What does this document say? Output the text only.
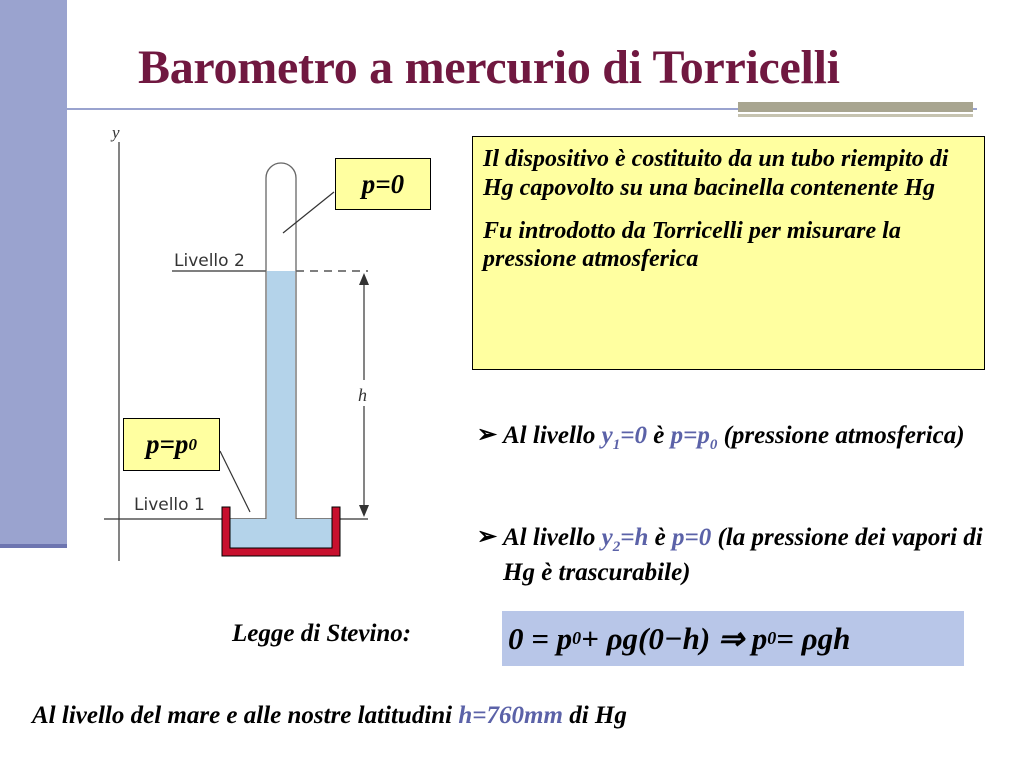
Barometro a mercurio di Torricelli
y
Livello 2
Livello 1
h
p =0
p =p 0

Il dispositivo è costituito da un tubo riempito di Hg capovolto su una bacinella contenente Hg

Fu introdotto da Torricelli per misurare la pressione atmosferica

➢ Al livello $y_1=0$ è $p=p_0$ (pressione atmosferica)
➢ Al livello $y_2=h$ è p=0 (la pressione dei vapori di Hg è trascurabile)
Legge di Stevino:	0 = p 0 + ρg(0−h) ⇒ p 0 = ρgh
Al livello del mare e alle nostre latitudini h=760mm di Hg
